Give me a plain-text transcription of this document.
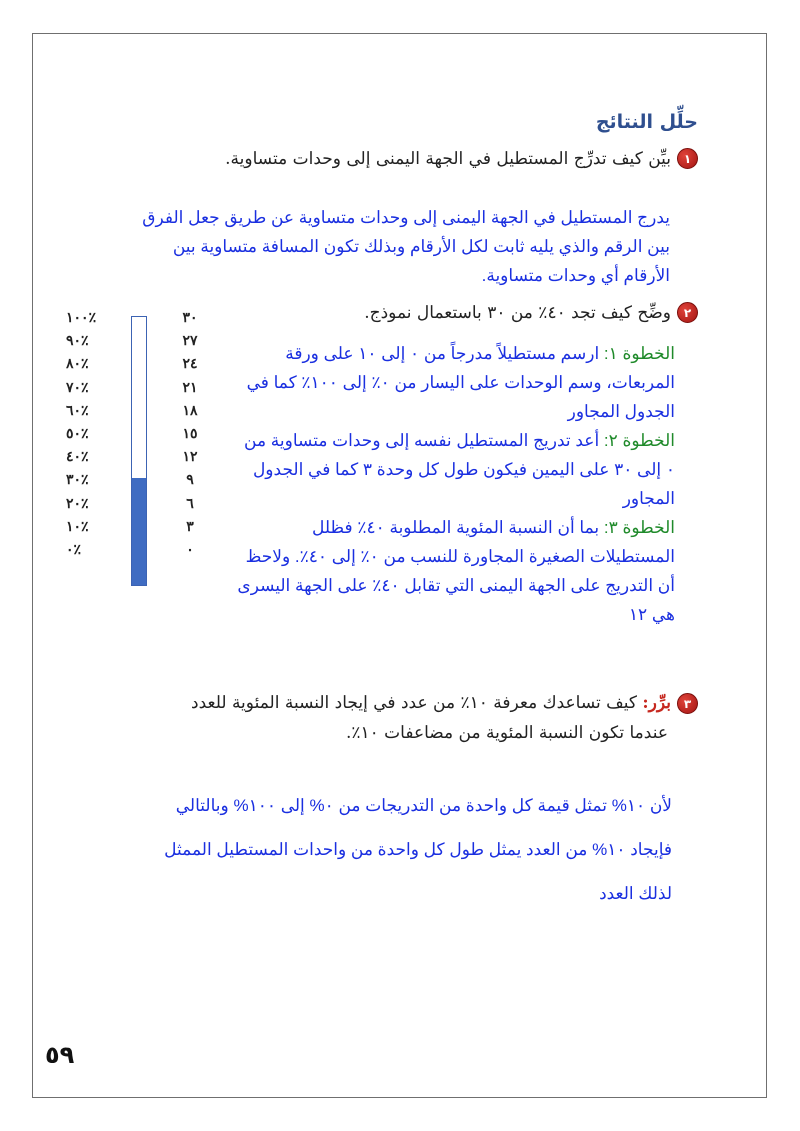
حلِّل النتائج
١
بيِّن كيف تدرِّج المستطيل في الجهة اليمنى إلى وحدات متساوية.
يدرج المستطيل في الجهة اليمنى إلى وحدات متساوية عن طريق جعل الفرق بين الرقم والذي يليه ثابت لكل الأرقام وبذلك تكون المسافة متساوية بين الأرقام أي وحدات متساوية.
٢
وضِّح كيف تجد ٤٠٪ من ٣٠ باستعمال نموذج.

الخطوة ١: ارسم مستطيلاً مدرجاً من ٠ إلى ١٠ على ورقة المربعات، وسم الوحدات على اليسار من ٠٪ إلى ١٠٠٪ كما في الجدول المجاور

الخطوة ٢: أعد تدريج المستطيل نفسه إلى وحدات متساوية من ٠ إلى ٣٠ على اليمين فيكون طول كل وحدة ٣ كما في الجدول المجاور

الخطوة ٣: بما أن النسبة المئوية المطلوبة ٤٠٪ فظلل المستطيلات الصغيرة المجاورة للنسب من ٠٪ إلى ٤٠٪. ولاحظ أن التدريج على الجهة اليمنى التي تقابل ٤٠٪ على الجهة اليسرى هي ١٢

٪١٠٠
٪٩٠
٪٨٠
٪٧٠
٪٦٠
٪٥٠
٪٤٠
٪٣٠
٪٢٠
٪١٠
٪٠
٣٠
٢٧
٢٤
٢١
١٨
١٥
١٢
٩
٦
٣
٠
٣برِّر: كيف تساعدك معرفة ١٠٪ من عدد في إيجاد النسبة المئوية للعدد
عندما تكون النسبة المئوية من مضاعفات ١٠٪.
لأن ١٠% تمثل قيمة كل واحدة من التدريجات من ٠% إلى ١٠٠% وبالتالي فإيجاد ١٠% من العدد يمثل طول كل واحدة من واحدات المستطيل الممثل لذلك العدد
٥٩
